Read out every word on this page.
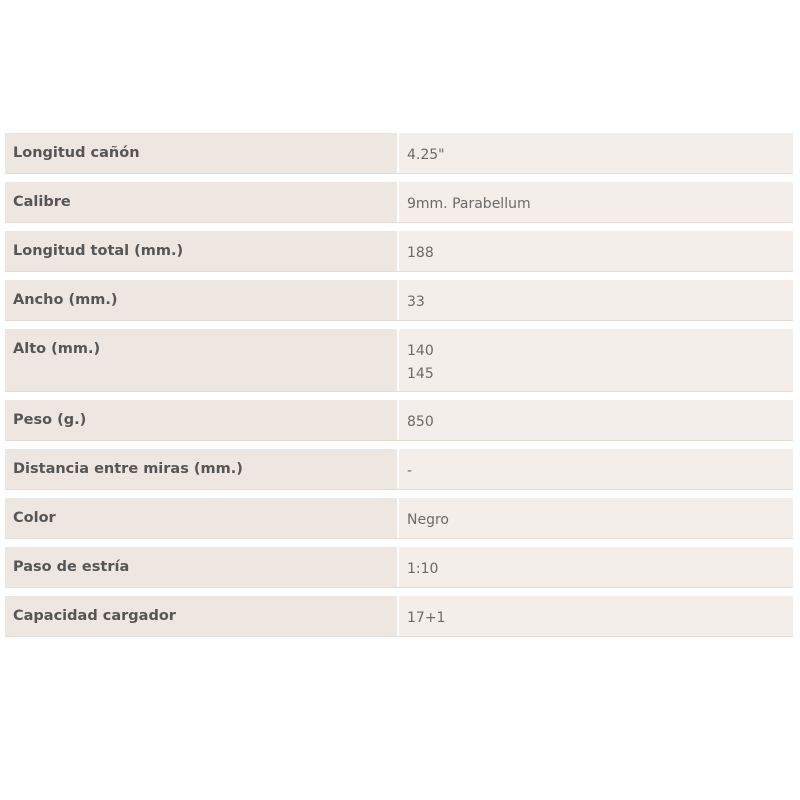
Longitud cañón	4.25"
Calibre	9mm. Parabellum
Longitud total (mm.)	188
Ancho (mm.)	33
Alto (mm.)	140
145
Peso (g.)	850
Distancia entre miras (mm.)	-
Color	Negro
Paso de estría	1:10
Capacidad cargador	17+1
